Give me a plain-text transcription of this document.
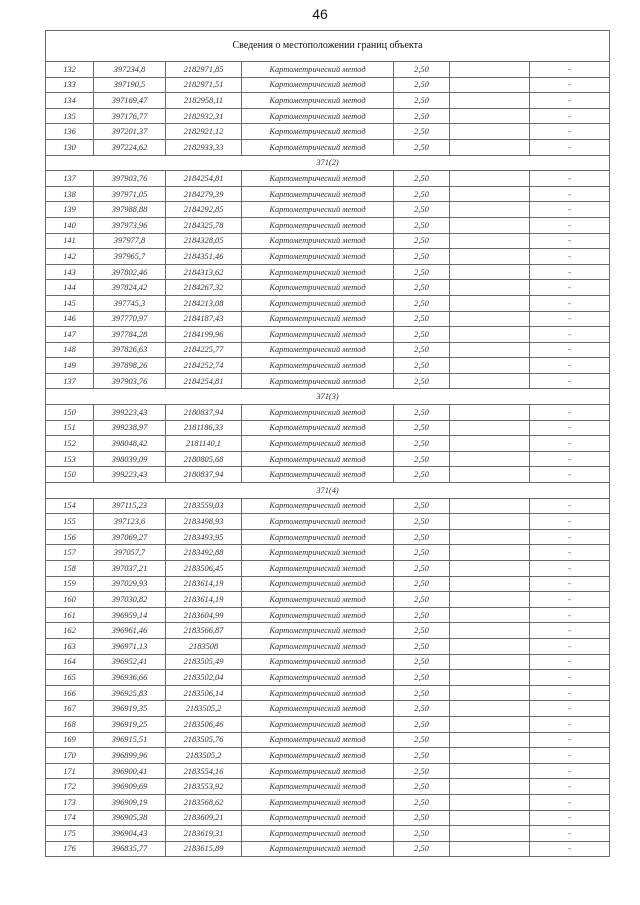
46
Сведения о местоположении границ объекта						
132	397234,8	2182971,85	Картометрический метод	2,50		-
133	397190,5	2182971,51	Картометрический метод	2,50		-
134	397169,47	2182958,11	Картометрический метод	2,50		-
135	397176,77	2182932,31	Картометрический метод	2,50		-
136	397201,37	2182921,12	Картометрический метод	2,50		-
130	397224,62	2182933,33	Картометрический метод	2,50		-
371(2)						
137	397903,76	2184254,81	Картометрический метод	2,50		-
138	397971,05	2184279,39	Картометрический метод	2,50		-
139	397988,88	2184292,85	Картометрический метод	2,50		-
140	397973,96	2184325,78	Картометрический метод	2,50		-
141	397977,8	2184328,05	Картометрический метод	2,50		-
142	397965,7	2184351,46	Картометрический метод	2,50		-
143	397802,46	2184313,62	Картометрический метод	2,50		-
144	397824,42	2184267,32	Картометрический метод	2,50		-
145	397745,3	2184213,08	Картометрический метод	2,50		-
146	397770,97	2184187,43	Картометрический метод	2,50		-
147	397784,28	2184199,96	Картометрический метод	2,50		-
148	397826,63	2184225,77	Картометрический метод	2,50		-
149	397898,26	2184252,74	Картометрический метод	2,50		-
137	397903,76	2184254,81	Картометрический метод	2,50		-
371(3)						
150	399223,43	2180837,94	Картометрический метод	2,50		-
151	399238,97	2181186,33	Картометрический метод	2,50		-
152	398048,42	2181140,1	Картометрический метод	2,50		-
153	398039,09	2180805,68	Картометрический метод	2,50		-
150	399223,43	2180837,94	Картометрический метод	2,50		-
371(4)						
154	397115,23	2183559,03	Картометрический метод	2,50		-
155	397123,6	2183498,93	Картометрический метод	2,50		-
156	397069,27	2183493,95	Картометрический метод	2,50		-
157	397057,7	2183492,88	Картометрический метод	2,50		-
158	397037,21	2183506,45	Картометрический метод	2,50		-
159	397029,93	2183614,19	Картометрический метод	2,50		-
160	397030,82	2183614,19	Картометрический метод	2,50		-
161	396959,14	2183604,99	Картометрический метод	2,50		-
162	396961,46	2183566,87	Картометрический метод	2,50		-
163	396971,13	2183508	Картометрический метод	2,50		-
164	396952,41	2183505,49	Картометрический метод	2,50		-
165	396936,66	2183502,04	Картометрический метод	2,50		-
166	396925,83	2183506,14	Картометрический метод	2,50		-
167	396919,35	2183505,2	Картометрический метод	2,50		-
168	396919,25	2183506,46	Картометрический метод	2,50		-
169	396915,51	2183505,76	Картометрический метод	2,50		-
170	396899,96	2183505,2	Картометрический метод	2,50		-
171	396900,41	2183554,16	Картометрический метод	2,50		-
172	396909,69	2183553,92	Картометрический метод	2,50		-
173	396909,19	2183568,62	Картометрический метод	2,50		-
174	396905,38	2183609,21	Картометрический метод	2,50		-
175	396904,43	2183619,31	Картометрический метод	2,50		-
176	396835,77	2183615,89	Картометрический метод	2,50		-
